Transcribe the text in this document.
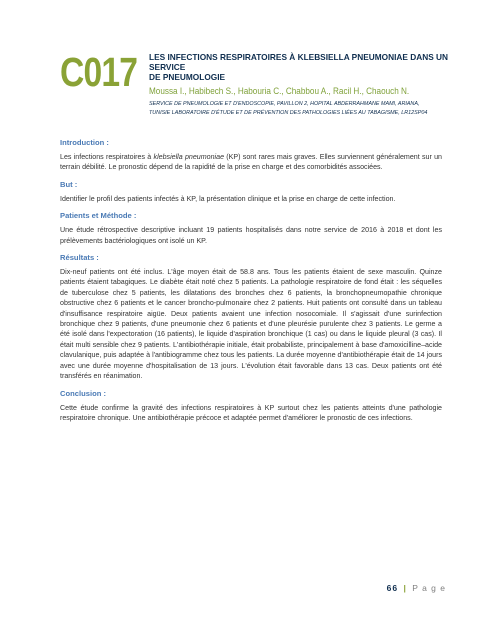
C017 LES INFECTIONS RESPIRATOIRES À KLEBSIELLA PNEUMONIAE DANS UN SERVICE
DE PNEUMOLOGIE

Moussa I., Habibech S., Habouria C., Chabbou A., Racil H., Chaouch N.
SERVICE DE PNEUMOLOGIE ET D'ENDOSCOPIE, PAVILLON 2, HOPITAL ABDERRAHMANE MAMI, ARIANA,
TUNISIE LABORATOIRE D'ÉTUDE ET DE PRÉVENTION DES PATHOLOGIES LIÉES AU TABAGISME, LR12SP04

Introduction :

Les infections respiratoires à klebsiella pneumoniae (KP) sont rares mais graves. Elles surviennent généralement sur un terrain débilité. Le pronostic dépend de la rapidité de la prise en charge et des comorbidités associées.

But :

Identifier le profil des patients infectés à KP, la présentation clinique et la prise en charge de cette infection.

Patients et Méthode :

Une étude rétrospective descriptive incluant 19 patients hospitalisés dans notre service de 2016 à 2018 et dont les prélèvements bactériologiques ont isolé un KP.

Résultats :

Dix-neuf patients ont été inclus. L'âge moyen était de 58.8 ans. Tous les patients étaient de sexe masculin. Quinze patients étaient tabagiques. Le diabète était noté chez 5 patients. La pathologie respiratoire de fond était : les séquelles de tuberculose chez 5 patients, les dilatations des bronches chez 6 patients, la bronchopneumopathie chronique obstructive chez 6 patients et le cancer broncho-pulmonaire chez 2 patients. Huit patients ont consulté dans un tableau d'insuffisance respiratoire aigüe. Deux patients avaient une infection nosocomiale. Il s'agissait d'une surinfection bronchique chez 9 patients, d'une pneumonie chez 6 patients et d'une pleurésie purulente chez 3 patients. Le germe a été isolé dans l'expectoration (16 patients), le liquide d'aspiration bronchique (1 cas) ou dans le liquide pleural (3 cas). Il était multi sensible chez 9 patients. L'antibiothérapie initiale, était probabiliste, principalement à base d'amoxicilline–acide clavulanique, puis adaptée à l'antibiogramme chez tous les patients. La durée moyenne d'antibiothérapie était de 14 jours avec une durée moyenne d'hospitalisation de 13 jours. L'évolution était favorable dans 13 cas. Deux patients ont été transférés en réanimation.

Conclusion :

Cette étude confirme la gravité des infections respiratoires à KP surtout chez les patients atteints d'une pathologie respiratoire chronique. Une antibiothérapie précoce et adaptée permet d'améliorer le pronostic de ces infections.

66 | P a g e
